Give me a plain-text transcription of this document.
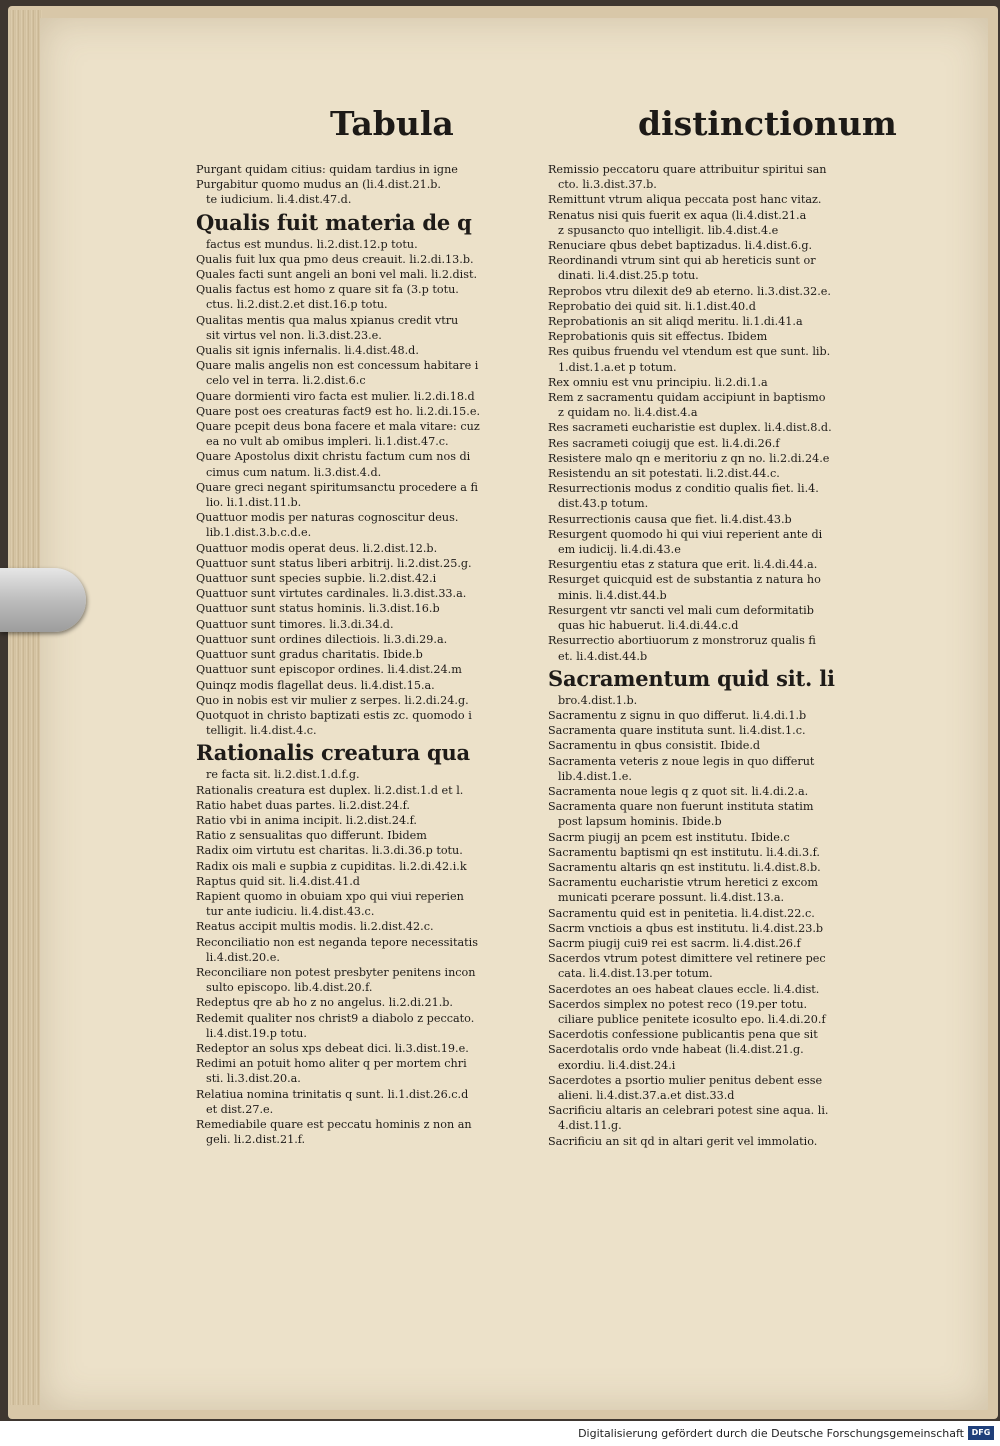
Tabula	distinctionum
Purgant quidam citius: quidam tardius in igne
Purgabitur quomo mudus an (li.4.dist.21.b.
te iudicium. li.4.dist.47.d.
Qualis fuit materia de q
factus est mundus. li.2.dist.12.p totu.
Qualis fuit lux qua pmo deus creauit. li.2.di.13.b.
Quales facti sunt angeli an boni vel mali. li.2.dist.
Qualis factus est homo z quare sit fa (3.p totu.
ctus. li.2.dist.2.et dist.16.p totu.
Qualitas mentis qua malus xpianus credit vtru
sit virtus vel non. li.3.dist.23.e.
Qualis sit ignis infernalis. li.4.dist.48.d.
Quare malis angelis non est concessum habitare i
celo vel in terra. li.2.dist.6.c
Quare dormienti viro facta est mulier. li.2.di.18.d
Quare post oes creaturas fact9 est ho. li.2.di.15.e.
Quare pcepit deus bona facere et mala vitare: cuz
ea no vult ab omibus impleri. li.1.dist.47.c.
Quare Apostolus dixit christu factum cum nos di
cimus cum natum. li.3.dist.4.d.
Quare greci negant spiritumsanctu procedere a fi
lio. li.1.dist.11.b.
Quattuor modis per naturas cognoscitur deus.
lib.1.dist.3.b.c.d.e.
Quattuor modis operat deus. li.2.dist.12.b.
Quattuor sunt status liberi arbitrij. li.2.dist.25.g.
Quattuor sunt species supbie. li.2.dist.42.i
Quattuor sunt virtutes cardinales. li.3.dist.33.a.
Quattuor sunt status hominis. li.3.dist.16.b
Quattuor sunt timores. li.3.di.34.d.
Quattuor sunt ordines dilectiois. li.3.di.29.a.
Quattuor sunt gradus charitatis. Ibide.b
Quattuor sunt episcopor ordines. li.4.dist.24.m
Quinqz modis flagellat deus. li.4.dist.15.a.
Quo in nobis est vir mulier z serpes. li.2.di.24.g.
Quotquot in christo baptizati estis zc. quomodo i
telligit. li.4.dist.4.c.
Rationalis creatura qua
re facta sit. li.2.dist.1.d.f.g.
Rationalis creatura est duplex. li.2.dist.1.d et l.
Ratio habet duas partes. li.2.dist.24.f.
Ratio vbi in anima incipit. li.2.dist.24.f.
Ratio z sensualitas quo differunt. Ibidem
Radix oim virtutu est charitas. li.3.di.36.p totu.
Radix ois mali e supbia z cupiditas. li.2.di.42.i.k
Raptus quid sit. li.4.dist.41.d
Rapient quomo in obuiam xpo qui viui reperien
tur ante iudiciu. li.4.dist.43.c.
Reatus accipit multis modis. li.2.dist.42.c.
Reconciliatio non est neganda tepore necessitatis
li.4.dist.20.e.
Reconciliare non potest presbyter penitens incon
sulto episcopo. lib.4.dist.20.f.
Redeptus qre ab ho z no angelus. li.2.di.21.b.
Redemit qualiter nos christ9 a diabolo z peccato.
li.4.dist.19.p totu.
Redeptor an solus xps debeat dici. li.3.dist.19.e.
Redimi an potuit homo aliter q per mortem chri
sti. li.3.dist.20.a.
Relatiua nomina trinitatis q sunt. li.1.dist.26.c.d
et dist.27.e.
Remediabile quare est peccatu hominis z non an
geli. li.2.dist.21.f.
Remissio peccatoru quare attribuitur spiritui san
cto. li.3.dist.37.b.
Remittunt vtrum aliqua peccata post hanc vitaz.
Renatus nisi quis fuerit ex aqua (li.4.dist.21.a
z spusancto quo intelligit. lib.4.dist.4.e
Renuciare qbus debet baptizadus. li.4.dist.6.g.
Reordinandi vtrum sint qui ab hereticis sunt or
dinati. li.4.dist.25.p totu.
Reprobos vtru dilexit de9 ab eterno. li.3.dist.32.e.
Reprobatio dei quid sit. li.1.dist.40.d
Reprobationis an sit aliqd meritu. li.1.di.41.a
Reprobationis quis sit effectus. Ibidem
Res quibus fruendu vel vtendum est que sunt. lib.
1.dist.1.a.et p totum.
Rex omniu est vnu principiu. li.2.di.1.a
Rem z sacramentu quidam accipiunt in baptismo
z quidam no. li.4.dist.4.a
Res sacrameti eucharistie est duplex. li.4.dist.8.d.
Res sacrameti coiugij que est. li.4.di.26.f
Resistere malo qn e meritoriu z qn no. li.2.di.24.e
Resistendu an sit potestati. li.2.dist.44.c.
Resurrectionis modus z conditio qualis fiet. li.4.
dist.43.p totum.
Resurrectionis causa que fiet. li.4.dist.43.b
Resurgent quomodo hi qui viui reperient ante di
em iudicij. li.4.di.43.e
Resurgentiu etas z statura que erit. li.4.di.44.a.
Resurget quicquid est de substantia z natura ho
minis. li.4.dist.44.b
Resurgent vtr sancti vel mali cum deformitatib
quas hic habuerut. li.4.di.44.c.d
Resurrectio abortiuorum z monstroruz qualis fi
et. li.4.dist.44.b
Sacramentum quid sit. li
bro.4.dist.1.b.
Sacramentu z signu in quo differut. li.4.di.1.b
Sacramenta quare instituta sunt. li.4.dist.1.c.
Sacramentu in qbus consistit. Ibide.d
Sacramenta veteris z noue legis in quo differut
lib.4.dist.1.e.
Sacramenta noue legis q z quot sit. li.4.di.2.a.
Sacramenta quare non fuerunt instituta statim
post lapsum hominis. Ibide.b
Sacrm piugij an pcem est institutu. Ibide.c
Sacramentu baptismi qn est institutu. li.4.di.3.f.
Sacramentu altaris qn est institutu. li.4.dist.8.b.
Sacramentu eucharistie vtrum heretici z excom
municati pcerare possunt. li.4.dist.13.a.
Sacramentu quid est in penitetia. li.4.dist.22.c.
Sacrm vnctiois a qbus est institutu. li.4.dist.23.b
Sacrm piugij cui9 rei est sacrm. li.4.dist.26.f
Sacerdos vtrum potest dimittere vel retinere pec
cata. li.4.dist.13.per totum.
Sacerdotes an oes habeat claues eccle. li.4.dist.
Sacerdos simplex no potest reco (19.per totu.
ciliare publice penitete icosulto epo. li.4.di.20.f
Sacerdotis confessione publicantis pena que sit
Sacerdotalis ordo vnde habeat (li.4.dist.21.g.
exordiu. li.4.dist.24.i
Sacerdotes a psortio mulier penitus debent esse
alieni. li.4.dist.37.a.et dist.33.d
Sacrificiu altaris an celebrari potest sine aqua. li.
4.dist.11.g.
Sacrificiu an sit qd in altari gerit vel immolatio.
Digitalisierung gefördert durch die Deutsche Forschungsgemeinschaft DFG
